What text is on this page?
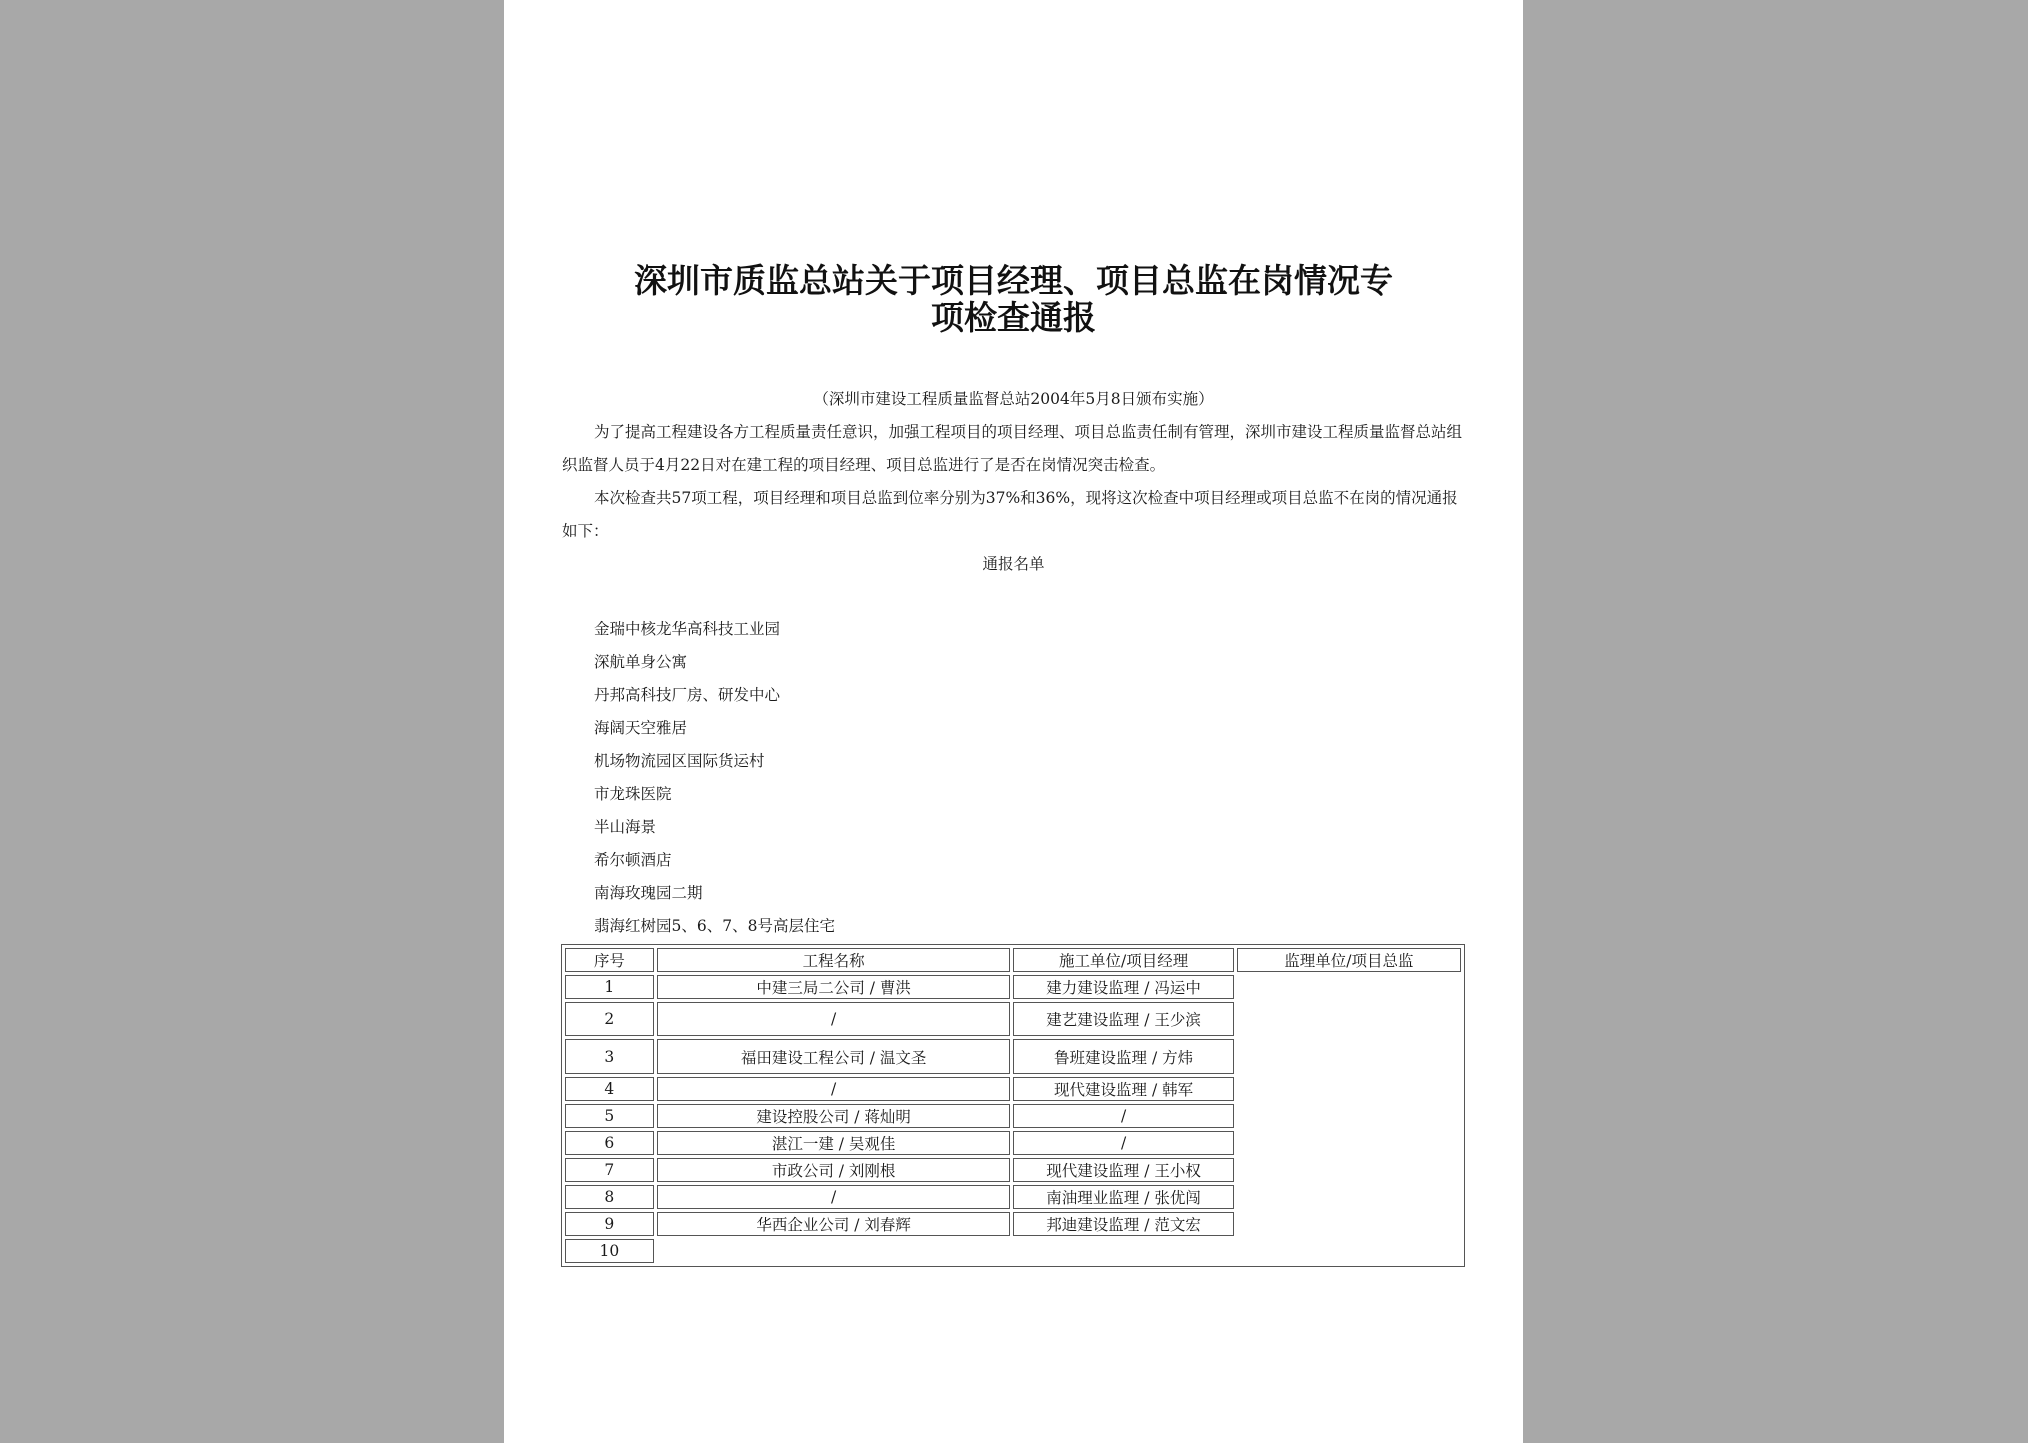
深圳市质监总站关于项目经理、项目总监在岗情况专
项检查通报
（深圳市建设工程质量监督总站2004年5月8日颁布实施）

为了提高工程建设各方工程质量责任意识，加强工程项目的项目经理、项目总监责任制有管理，深圳市建设工程质量监督总站组织监督人员于4月22日对在建工程的项目经理、项目总监进行了是否在岗情况突击检查。

本次检查共57项工程，项目经理和项目总监到位率分别为37%和36%，现将这次检查中项目经理或项目总监不在岗的情况通报如下：

通报名单
金瑞中核龙华高科技工业园
深航单身公寓
丹邦高科技厂房、研发中心
海阔天空雅居
机场物流园区国际货运村
市龙珠医院
半山海景
希尔顿酒店
南海玫瑰园二期
翡海红树园5、6、7、8号高层住宅
序号	工程名称	施工单位/项目经理	监理单位/项目总监
1	中建三局二公司 / 曹洪	建力建设监理 / 冯运中	
2	/	建艺建设监理 / 王少滨	
3	福田建设工程公司 / 温文圣	鲁班建设监理 / 方炜	
4	/	现代建设监理 / 韩军	
5	建设控股公司 / 蒋灿明	/	
6	湛江一建 / 吴观佳	/	
7	市政公司 / 刘刚根	现代建设监理 / 王小权	
8	/	南油理业监理 / 张优闯	
9	华西企业公司 / 刘春辉	邦迪建设监理 / 范文宏	
10			
